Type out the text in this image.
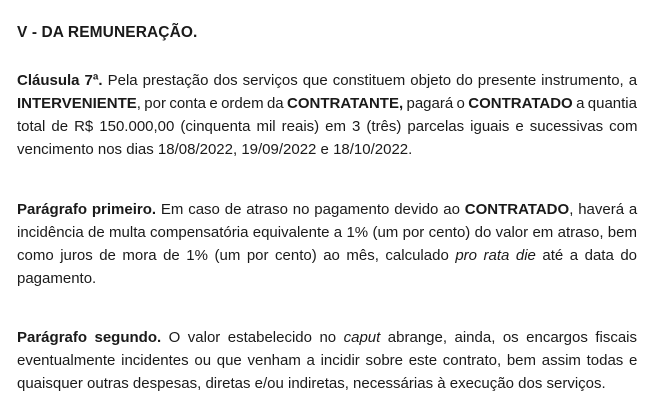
V - DA REMUNERAÇÃO.
Cláusula 7ª. Pela prestação dos serviços que constituem objeto do presente instrumento, a
INTERVENIENTE, por conta e ordem da CONTRATANTE, pagará o CONTRATADO a quantia
total de R$ 150.000,00 (cinquenta mil reais) em 3 (três) parcelas iguais e sucessivas com
vencimento nos dias 18/08/2022, 19/09/2022 e 18/10/2022.
Parágrafo primeiro. Em caso de atraso no pagamento devido ao CONTRATADO, haverá a
incidência de multa compensatória equivalente a 1% (um por cento) do valor em atraso, bem
como juros de mora de 1% (um por cento) ao mês, calculado pro rata die até a data do
pagamento.
Parágrafo segundo. O valor estabelecido no caput abrange, ainda, os encargos fiscais
eventualmente incidentes ou que venham a incidir sobre este contrato, bem assim todas e
quaisquer outras despesas, diretas e/ou indiretas, necessárias à execução dos serviços.
